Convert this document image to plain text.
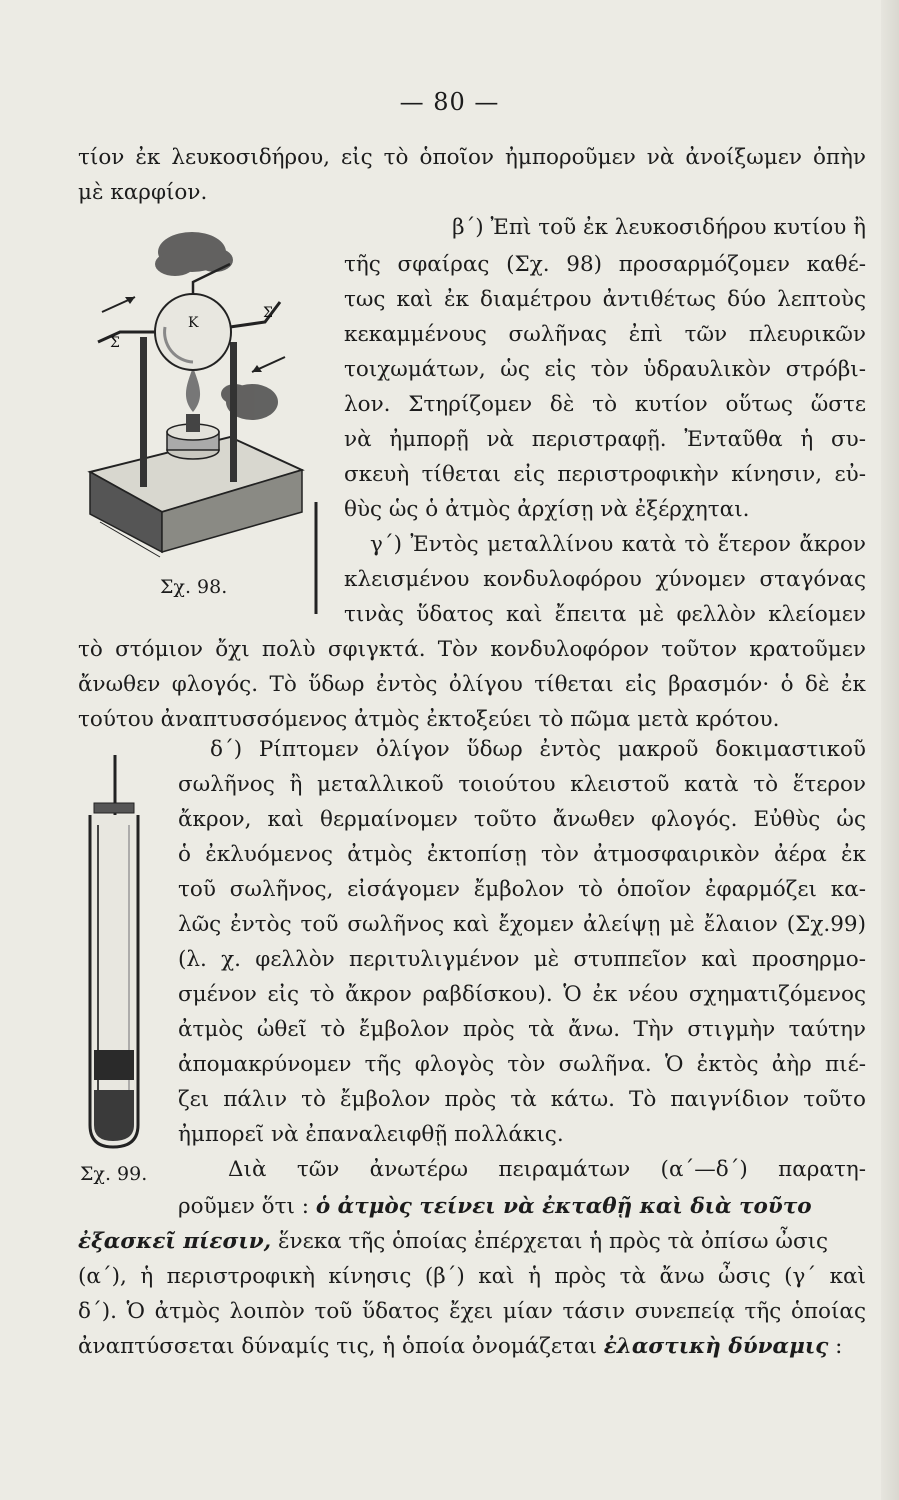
— 80 —
τίον ἐκ λευκοσιδήρου, εἰς τὸ ὁποῖον ἠμποροῦμεν νὰ ἀνοίξωμεν ὀπὴν
μὲ καρφίον.
Σ
Κ
Σ
Σχ. 98.
β΄) Ἐπὶ τοῦ ἐκ λευκοσιδήρου κυτίου ἢ
τῆς σφαίρας (Σχ. 98) προσαρμόζομεν καθέ-
τως καὶ ἐκ διαμέτρου ἀντιθέτως δύο λεπτοὺς
κεκαμμένους σωλῆνας ἐπὶ τῶν πλευρικῶν
τοιχωμάτων, ὡς εἰς τὸν ὑδραυλικὸν στρόβι-
λον. Στηρίζομεν δὲ τὸ κυτίον οὕτως ὥστε
νὰ ἠμπορῇ νὰ περιστραφῇ. Ἐνταῦθα ἡ συ-
σκευὴ τίθεται εἰς περιστροφικὴν κίνησιν, εὐ-
θὺς ὡς ὁ ἀτμὸς ἀρχίσῃ νὰ ἐξέρχηται.
γ΄) Ἐντὸς μεταλλίνου κατὰ τὸ ἕτερον ἄκρον
κλεισμένου κονδυλοφόρου χύνομεν σταγόνας
τινὰς ὕδατος καὶ ἔπειτα μὲ φελλὸν κλείομεν
τὸ στόμιον ὄχι πολὺ σφιγκτά. Τὸν κονδυλοφόρον τοῦτον κρατοῦμεν
ἄνωθεν φλογός. Τὸ ὕδωρ ἐντὸς ὀλίγου τίθεται εἰς βρασμόν· ὁ δὲ ἐκ
τούτου ἀναπτυσσόμενος ἀτμὸς ἐκτοξεύει τὸ πῶμα μετὰ κρότου.
Σχ. 99.
δ΄) Ρίπτομεν ὀλίγον ὕδωρ ἐντὸς μακροῦ δοκιμαστικοῦ
σωλῆνος ἢ μεταλλικοῦ τοιούτου κλειστοῦ κατὰ τὸ ἕτερον
ἄκρον, καὶ θερμαίνομεν τοῦτο ἄνωθεν φλογός. Εὐθὺς ὡς
ὁ ἐκλυόμενος ἀτμὸς ἐκτοπίσῃ τὸν ἀτμοσφαιρικὸν ἀέρα ἐκ
τοῦ σωλῆνος, εἰσάγομεν ἔμβολον τὸ ὁποῖον ἐφαρμόζει κα-
λῶς ἐντὸς τοῦ σωλῆνος καὶ ἔχομεν ἀλείψῃ μὲ ἔλαιον (Σχ.99)
(λ. χ. φελλὸν περιτυλιγμένον μὲ στυππεῖον καὶ προσηρμο-
σμένον εἰς τὸ ἄκρον ραβδίσκου). Ὁ ἐκ νέου σχηματιζόμενος
ἀτμὸς ὠθεῖ τὸ ἔμβολον πρὸς τὰ ἄνω. Τὴν στιγμὴν ταύτην
ἀπομακρύνομεν τῆς φλογὸς τὸν σωλῆνα. Ὁ ἐκτὸς ἀὴρ πιέ-
ζει πάλιν τὸ ἔμβολον πρὸς τὰ κάτω. Τὸ παιγνίδιον τοῦτο
ἠμπορεῖ νὰ ἐπαναλειφθῇ πολλάκις.
Διὰ τῶν ἀνωτέρω πειραμάτων (α΄—δ΄) παρατη-
ροῦμεν ὅτι : ὁ ἀτμὸς τείνει νὰ ἐκταθῇ καὶ διὰ τοῦτο
ἐξασκεῖ πίεσιν, ἕνεκα τῆς ὁποίας ἐπέρχεται ἡ πρὸς τὰ ὀπίσω ὦσις
(α΄), ἡ περιστροφικὴ κίνησις (β΄) καὶ ἡ πρὸς τὰ ἄνω ὦσις (γ΄ καὶ
δ΄). Ὁ ἀτμὸς λοιπὸν τοῦ ὕδατος ἔχει μίαν τάσιν συνεπείᾳ τῆς ὁποίας
ἀναπτύσσεται δύναμίς τις, ἡ ὁποία ὀνομάζεται ἐλαστικὴ δύναμις :
